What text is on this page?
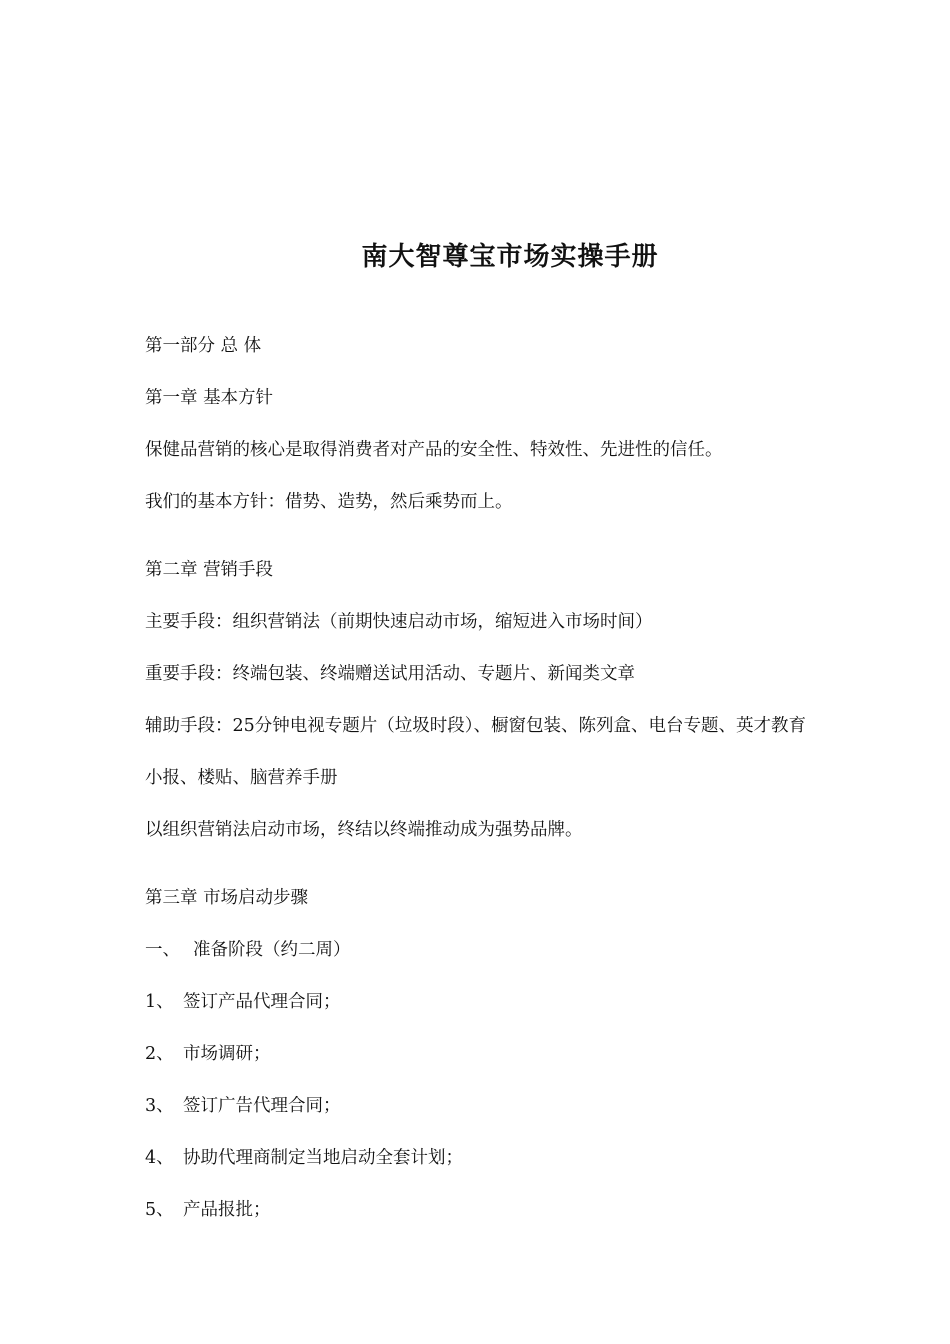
南大智尊宝市场实操手册
第一部分 总 体
第一章 基本方针
保健品营销的核心是取得消费者对产品的安全性、特效性、先进性的信任。
我们的基本方针：借势、造势，然后乘势而上。
第二章 营销手段
主要手段：组织营销法（前期快速启动市场，缩短进入市场时间）
重要手段：终端包装、终端赠送试用活动、专题片、新闻类文章
辅助手段：25分钟电视专题片（垃圾时段）、橱窗包装、陈列盒、电台专题、英才教育
小报、楼贴、脑营养手册
以组织营销法启动市场，终结以终端推动成为强势品牌。
第三章 市场启动步骤
一、 准备阶段（约二周）
1、 签订产品代理合同；
2、 市场调研；
3、 签订广告代理合同；
4、 协助代理商制定当地启动全套计划；
5、 产品报批；
